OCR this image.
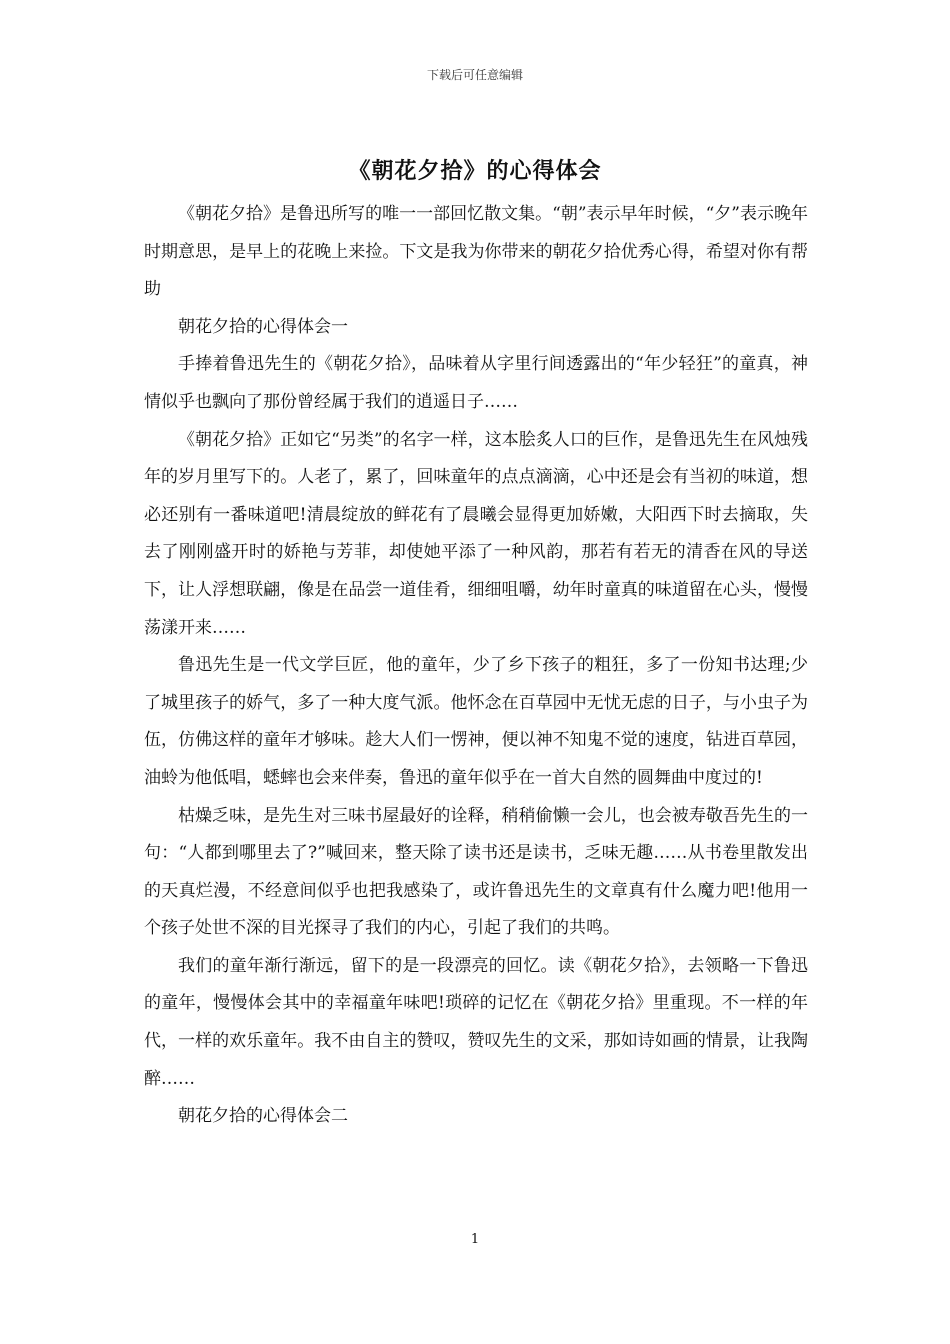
下载后可任意编辑
《朝花夕拾》的心得体会

《朝花夕拾》是鲁迅所写的唯一一部回忆散文集。“朝”表示早年时候，“夕”表示晚年时期意思，是早上的花晚上来捡。下文是我为你带来的朝花夕拾优秀心得，希望对你有帮助

朝花夕拾的心得体会一

手捧着鲁迅先生的《朝花夕拾》，品味着从字里行间透露出的“年少轻狂”的童真，神情似乎也飘向了那份曾经属于我们的逍遥日子……

《朝花夕拾》正如它“另类”的名字一样，这本脍炙人口的巨作，是鲁迅先生在风烛残年的岁月里写下的。人老了，累了，回味童年的点点滴滴，心中还是会有当初的味道，想必还别有一番味道吧!清晨绽放的鲜花有了晨曦会显得更加娇嫩，大阳西下时去摘取，失去了刚刚盛开时的娇艳与芳菲，却使她平添了一种风韵，那若有若无的清香在风的导送下，让人浮想联翩，像是在品尝一道佳肴，细细咀嚼，幼年时童真的味道留在心头，慢慢荡漾开来……

鲁迅先生是一代文学巨匠，他的童年，少了乡下孩子的粗狂，多了一份知书达理;少了城里孩子的娇气，多了一种大度气派。他怀念在百草园中无忧无虑的日子，与小虫子为伍，仿佛这样的童年才够味。趁大人们一愣神，便以神不知鬼不觉的速度，钻进百草园，油蛉为他低唱，蟋蟀也会来伴奏，鲁迅的童年似乎在一首大自然的圆舞曲中度过的!

枯燥乏味，是先生对三味书屋最好的诠释，稍稍偷懒一会儿，也会被寿敬吾先生的一句：“人都到哪里去了?”喊回来，整天除了读书还是读书，乏味无趣……从书卷里散发出的天真烂漫，不经意间似乎也把我感染了，或许鲁迅先生的文章真有什么魔力吧!他用一个孩子处世不深的目光探寻了我们的内心，引起了我们的共鸣。

我们的童年渐行渐远，留下的是一段漂亮的回忆。读《朝花夕拾》，去领略一下鲁迅的童年，慢慢体会其中的幸福童年味吧!琐碎的记忆在《朝花夕拾》里重现。不一样的年代，一样的欢乐童年。我不由自主的赞叹，赞叹先生的文采，那如诗如画的情景，让我陶醉……

朝花夕拾的心得体会二

1
